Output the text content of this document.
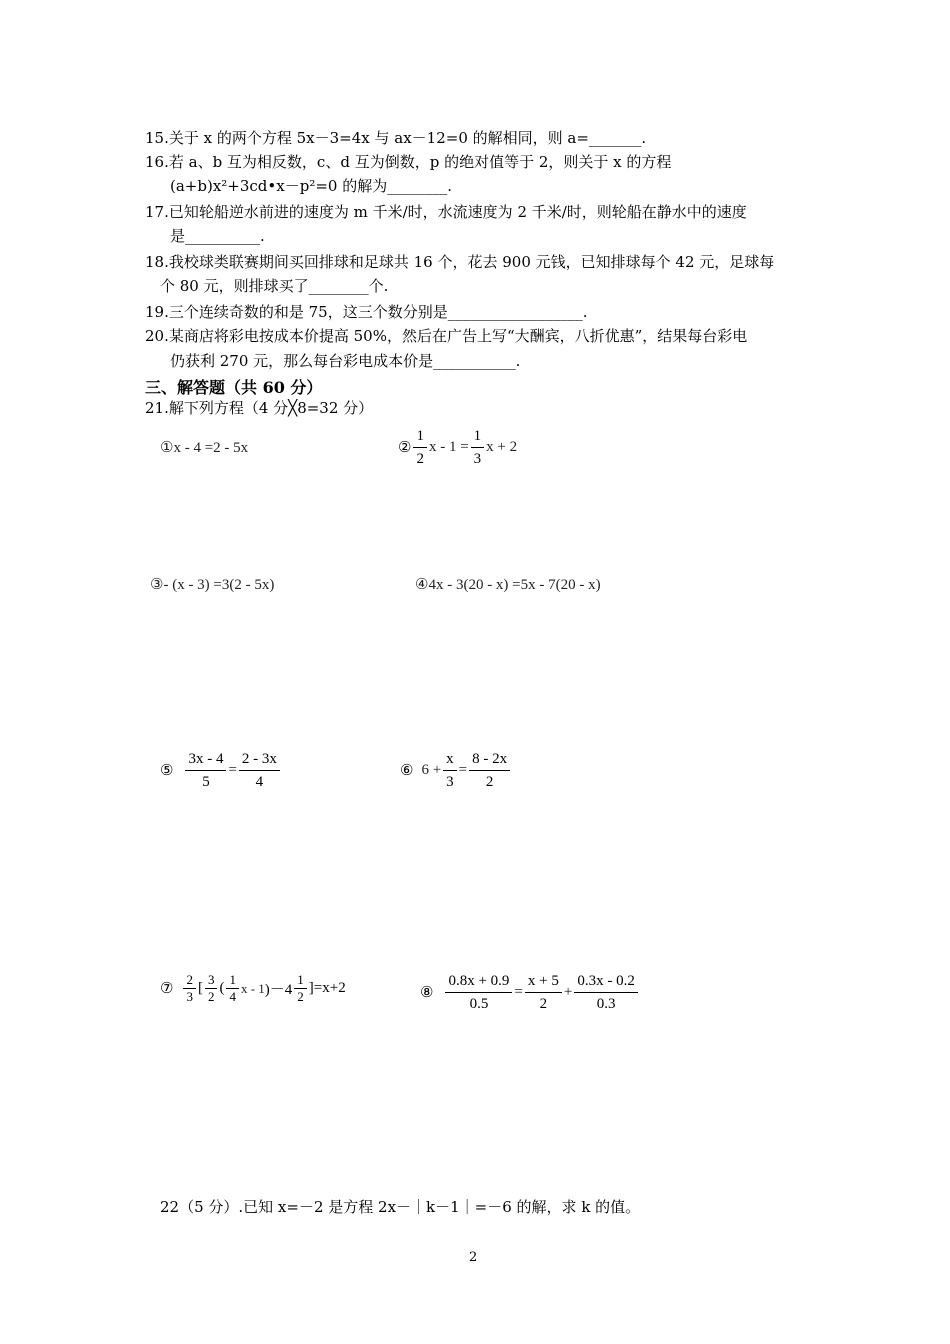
15.关于 x 的两个方程 5x－3=4x 与 ax－12=0 的解相同，则 a=_______.
16.若 a、b 互为相反数，c、d 互为倒数，p 的绝对值等于 2，则关于 x 的方程
(a+b)x²+3cd•x－p²=0 的解为________.
17.已知轮船逆水前进的速度为 m 千米/时，水流速度为 2 千米/时，则轮船在静水中的速度
是__________.
18.我校球类联赛期间买回排球和足球共 16 个，花去 900 元钱，已知排球每个 42 元，足球每
个 80 元，则排球买了________个.
19.三个连续奇数的和是 75，这三个数分别是__________________.
20.某商店将彩电按成本价提高 50%，然后在广告上写“大酬宾，八折优惠”，结果每台彩电
仍获利 270 元，那么每台彩电成本价是___________.
三、解答题（共 60 分）
21.解下列方程（4 分╳8=32 分）
①x - 4 =2 - 5x	② $\frac{1}{2}$ $x - 1 = \frac{1}{3}$ x + 2
③- (x - 3) =3(2 - 5x)	④4x - 3(20 - x) =5x - 7(20 - x)
⑤ $\frac{3x - 4}{5} = \frac{2 - 3x}{4}$	⑥ $6 + \frac{x}{3} = \frac{8 - 2x}{2}$
⑦ $\frac{2}{3}$ [ $\frac{3}{2}$ ( $\frac{1}{4}$ x - 1 )$-4 \frac{1}{2} ]=x+2$	⑧ $\frac{0.8x + 0.9}{0.5} = \frac{x + 5}{2} + \frac{0.3x - 0.2}{0.3}$
22（5 分）.已知 x=－2 是方程 2x－｜k－1｜=－6 的解，求 k 的值。
2
